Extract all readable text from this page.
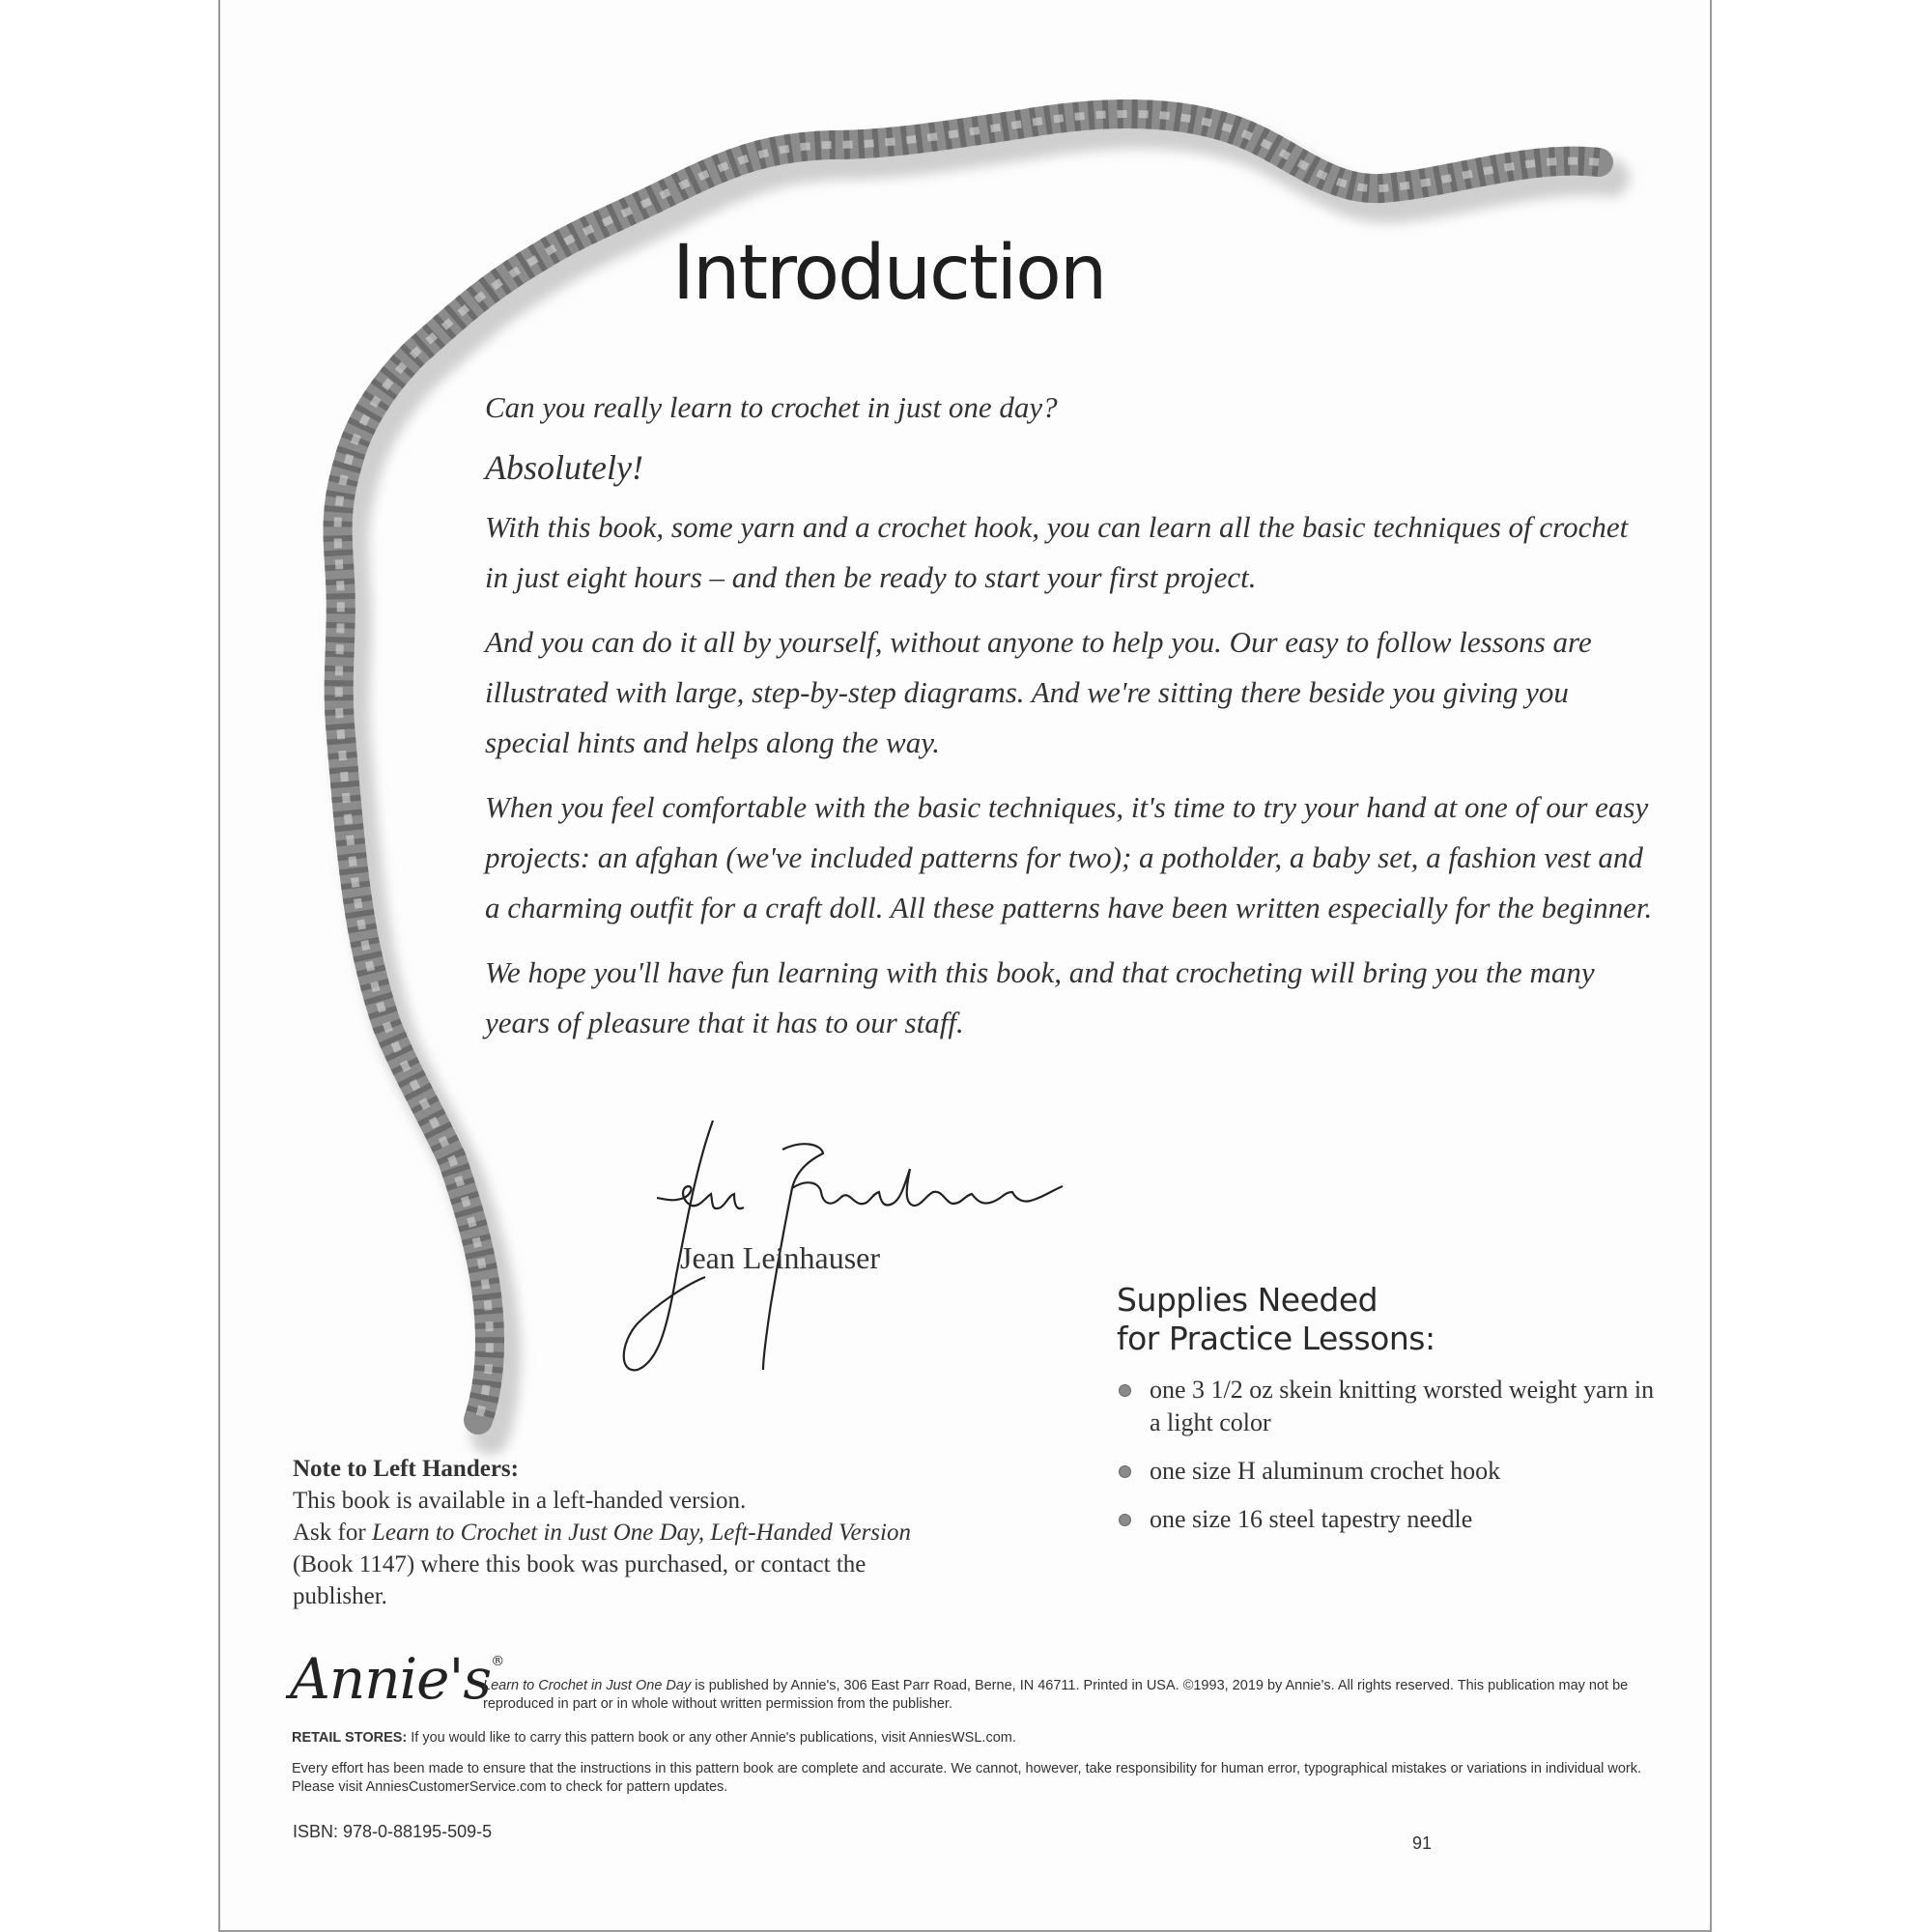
Introduction

Can you really learn to crochet in just one day?

Absolutely!

With this book, some yarn and a crochet hook, you can learn all the basic techniques of crochet in just eight hours – and then be ready to start your first project.

And you can do it all by yourself, without anyone to help you. Our easy to follow lessons are illustrated with large, step-by-step diagrams. And we're sitting there beside you giving you special hints and helps along the way.

When you feel comfortable with the basic techniques, it's time to try your hand at one of our easy projects: an afghan (we've included patterns for two); a potholder, a baby set, a fashion vest and a charming outfit for a craft doll. All these patterns have been written especially for the beginner.

We hope you'll have fun learning with this book, and that crocheting will bring you the many years of pleasure that it has to our staff.

Jean Leinhauser
Supplies Needed
for Practice Lessons:
one 3 1/2 oz skein knitting worsted weight yarn in a light color
one size H aluminum crochet hook
one size 16 steel tapestry needle
Note to Left Handers:
This book is available in a left-handed version.
Ask for Learn to Crochet in Just One Day, Left-Handed Version (Book 1147) where this book was purchased, or contact the publisher.
Annie's®
Learn to Crochet in Just One Day is published by Annie's, 306 East Parr Road, Berne, IN 46711. Printed in USA. ©1993, 2019 by Annie's. All rights reserved. This publication may not be reproduced in part or in whole without written permission from the publisher.
RETAIL STORES: If you would like to carry this pattern book or any other Annie's publications, visit AnniesWSL.com.
Every effort has been made to ensure that the instructions in this pattern book are complete and accurate. We cannot, however, take responsibility for human error, typographical mistakes or variations in individual work. Please visit AnniesCustomerService.com to check for pattern updates.
ISBN: 978-0-88195-509-5
91
